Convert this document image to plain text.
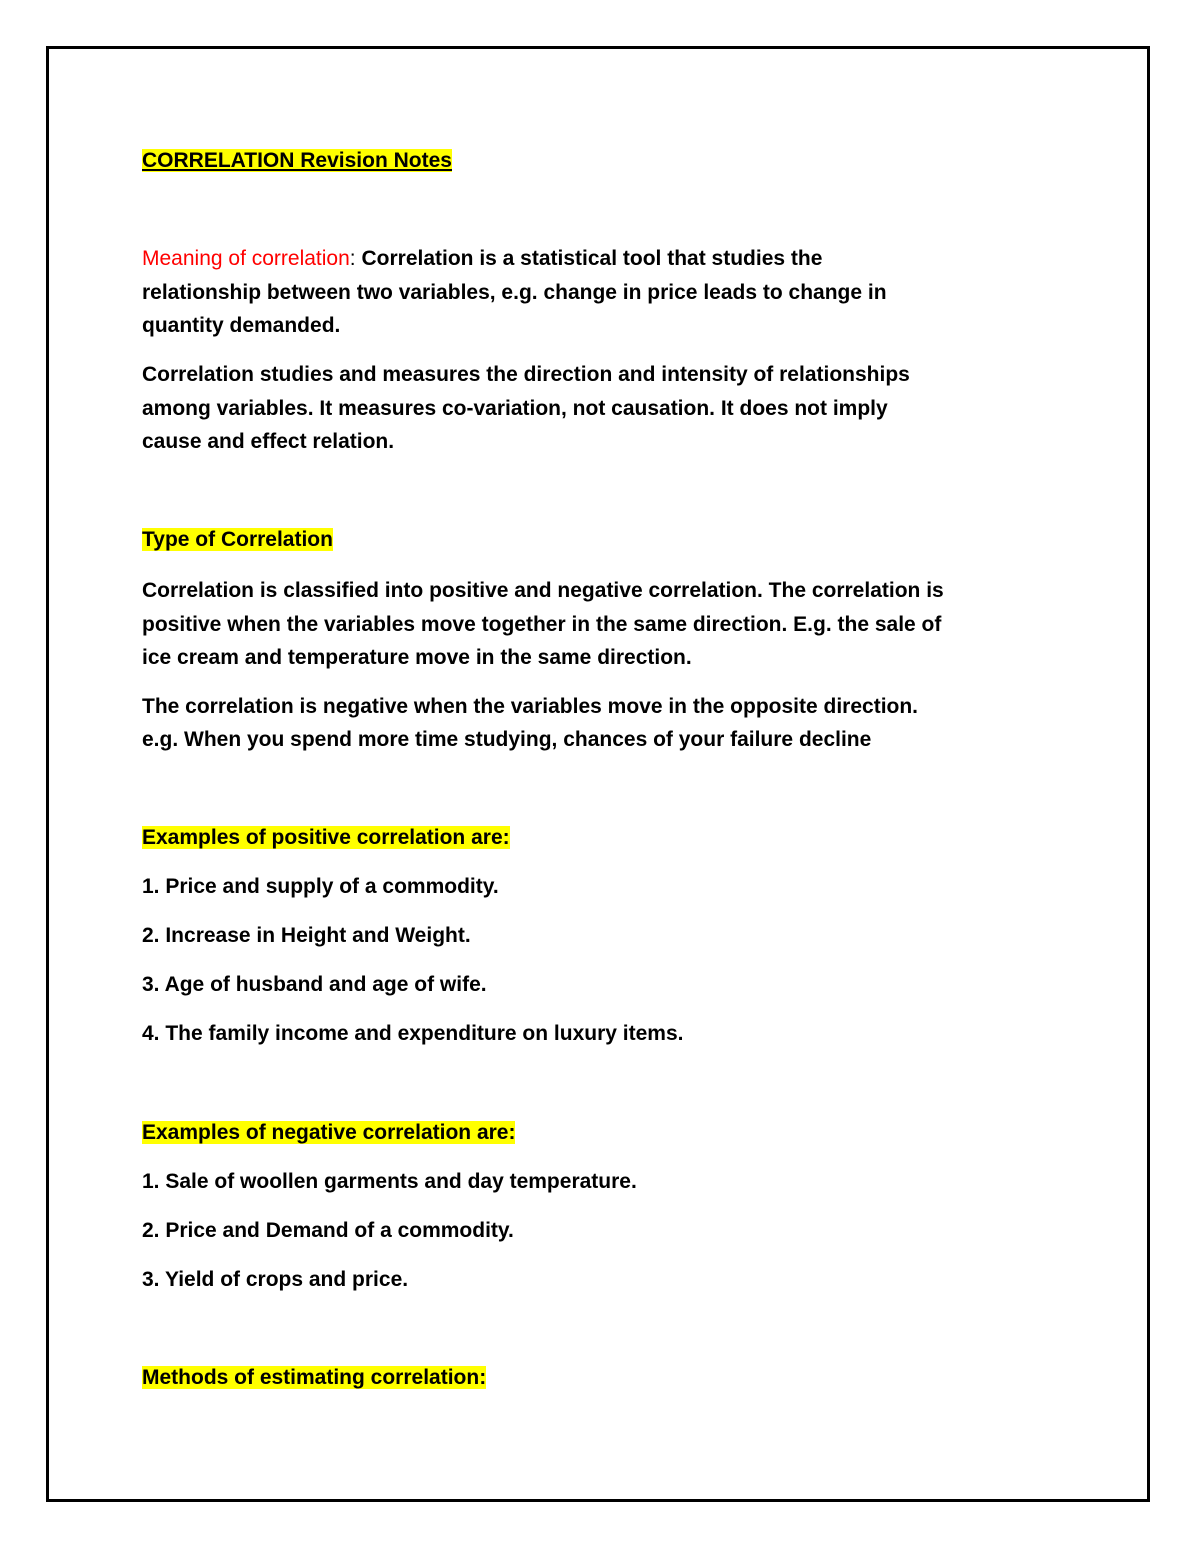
CORRELATION Revision Notes

Meaning of correlation: Correlation is a statistical tool that studies the

relationship between two variables, e.g. change in price leads to change in

quantity demanded.

Correlation studies and measures the direction and intensity of relationships

among variables. It measures co-variation, not causation. It does not imply

cause and effect relation.

Type of Correlation

Correlation is classified into positive and negative correlation. The correlation is

positive when the variables move together in the same direction. E.g. the sale of

ice cream and temperature move in the same direction.

The correlation is negative when the variables move in the opposite direction.

e.g. When you spend more time studying, chances of your failure decline

Examples of positive correlation are:

1. Price and supply of a commodity.

2. Increase in Height and Weight.

3. Age of husband and age of wife.

4. The family income and expenditure on luxury items.

Examples of negative correlation are:

1. Sale of woollen garments and day temperature.

2. Price and Demand of a commodity.

3. Yield of crops and price.

Methods of estimating correlation:
